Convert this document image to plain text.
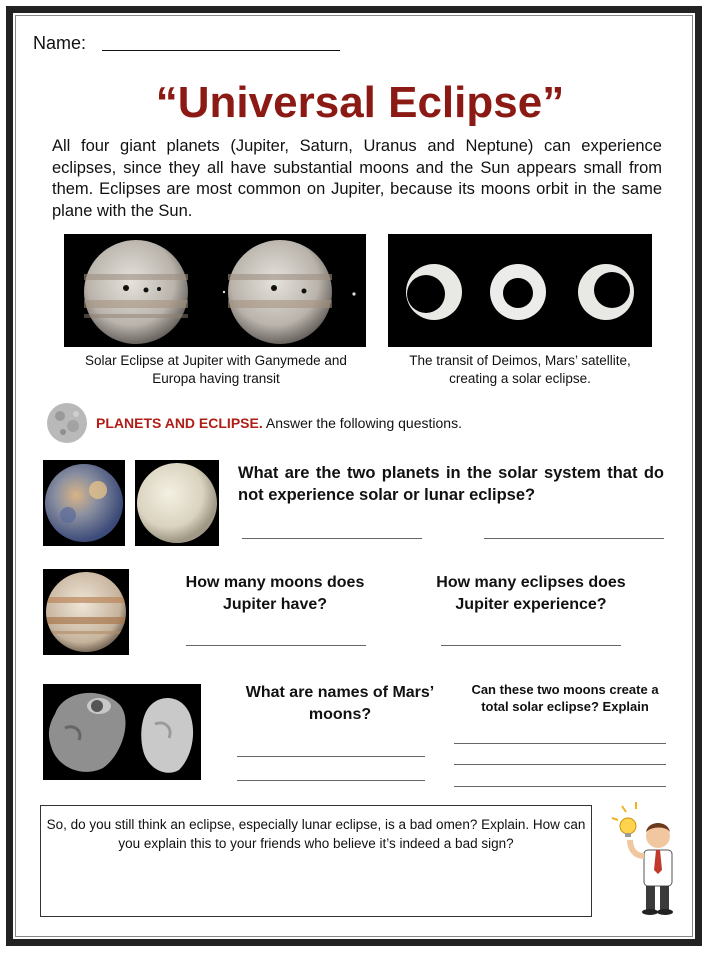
Name:
“Universal Eclipse”
All four giant planets (Jupiter, Saturn, Uranus and Neptune) can experience eclipses, since they all have substantial moons and the Sun appears small from them. Eclipses are most common on Jupiter, because its moons orbit in the same plane with the Sun.
Solar Eclipse at Jupiter with Ganymede and Europa having transit
The transit of Deimos, Mars’ satellite, creating a solar eclipse.
PLANETS AND ECLIPSE. Answer the following questions.
What are the two planets in the solar system that do not experience solar or lunar eclipse?
How many moons does Jupiter have?
How many eclipses does Jupiter experience?
What are names of Mars’ moons?
Can these two moons create a total solar eclipse? Explain
So, do you still think an eclipse, especially lunar eclipse, is a bad omen? Explain. How can you explain this to your friends who believe it’s indeed a bad sign?
